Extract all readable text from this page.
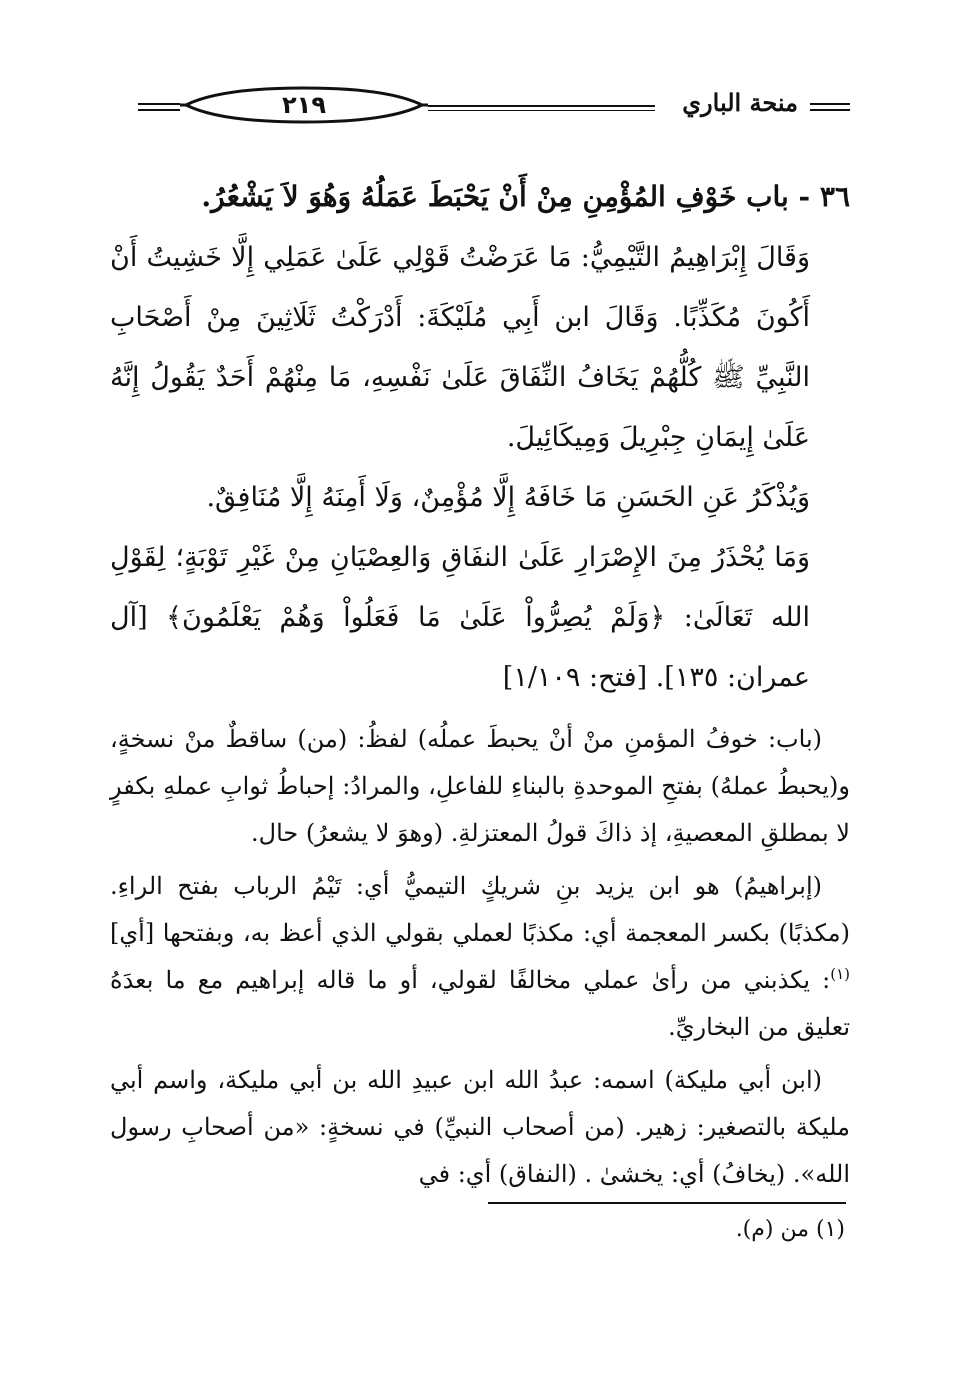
٢١٩	منحة الباري
٣٦ - باب خَوْفِ المُؤْمِنِ مِنْ أَنْ يَحْبَطَ عَمَلُهُ وَهُوَ لاَ يَشْعُرُ.

وَقَالَ إِبْرَاهِيمُ التَّيْمِيُّ: مَا عَرَضْتُ قَوْلِي عَلَىٰ عَمَلِي إِلَّا خَشِيتُ أَنْ أَكُونَ مُكَذِّبًا. وَقَالَ ابن أَبِي مُلَيْكَةَ: أَدْرَكْتُ ثَلَاثِينَ مِنْ أَصْحَابِ النَّبِيِّ ﷺ كُلُّهُمْ يَخَافُ النِّفَاقَ عَلَىٰ نَفْسِهِ، مَا مِنْهُمْ أَحَدٌ يَقُولُ إِنَّهُ عَلَىٰ إِيمَانِ جِبْرِيلَ وَمِيكَائِيلَ.

وَيُذْكَرُ عَنِ الحَسَنِ مَا خَافَهُ إِلَّا مُؤْمِنٌ، وَلَا أَمِنَهُ إِلَّا مُنَافِقٌ.

وَمَا يُحْذَرُ مِنَ الإِصْرَارِ عَلَىٰ النفَاقِ وَالعِصْيَانِ مِنْ غَيْرِ تَوْبَةٍ؛ لِقَوْلِ الله تَعَالَىٰ: ﴿وَلَمْ يُصِرُّواْ عَلَىٰ مَا فَعَلُواْ وَهُمْ يَعْلَمُونَ﴾ [آل عمران: ١٣٥]. [فتح: ١/١٠٩]

(باب: خوفُ المؤمنِ منْ أنْ يحبطَ عملُه) لفظُ: (من) ساقطٌ منْ نسخةٍ، و(يحبطُ عملهُ) بفتحِ الموحدةِ بالبناءِ للفاعلِ، والمرادُ: إحباطُ ثوابِ عملهِ بكفرٍ لا بمطلقِ المعصيةِ، إذ ذاكَ قولُ المعتزلةِ. (وهوَ لا يشعرُ) حال.

(إبراهيمُ) هو ابن يزيد بنِ شريكٍ التيميُّ أي: تَيْمُ الرباب بفتح الراءِ. (مكذبًا) بكسر المعجمة أي: مكذبًا لعملي بقولي الذي أعظ به، وبفتحها [أي]$^{(١)}$: يكذبني من رأىٰ عملي مخالفًا لقولي، أو ما قاله إبراهيم مع ما بعدَهُ تعليق من البخاريِّ.

(ابن أبي مليكة) اسمه: عبدُ الله ابن عبيدِ الله بن أبي مليكة، واسم أبي مليكة بالتصغير: زهير. (من أصحاب النبيِّ) في نسخةٍ: «من أصحابِ رسول الله». (يخافُ) أي: يخشىٰ . (النفاق) أي: في

(١) من (م).
